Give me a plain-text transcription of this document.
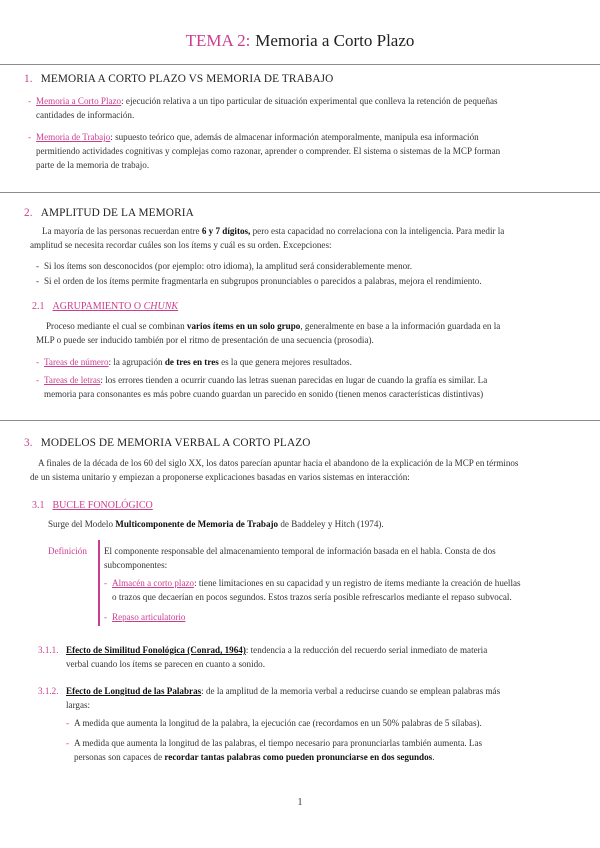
TEMA 2: Memoria a Corto Plazo
1. MEMORIA A CORTO PLAZO VS MEMORIA DE TRABAJO
- Memoria a Corto Plazo: ejecución relativa a un tipo particular de situación experimental que conlleva la retención de pequeñas
cantidades de información.
- Memoria de Trabajo: supuesto teórico que, además de almacenar información atemporalmente, manipula esa información
permitiendo actividades cognitivas y complejas como razonar, aprender o comprender. El sistema o sistemas de la MCP forman
parte de la memoria de trabajo.
2. AMPLITUD DE LA MEMORIA
La mayoría de las personas recuerdan entre 6 y 7 dígitos, pero esta capacidad no correlaciona con la inteligencia. Para medir la
amplitud se necesita recordar cuáles son los ítems y cuál es su orden. Excepciones:
- Si los ítems son desconocidos (por ejemplo: otro idioma), la amplitud será considerablemente menor.
- Si el orden de los ítems permite fragmentarla en subgrupos pronunciables o parecidos a palabras, mejora el rendimiento.
2.1 AGRUPAMIENTO O CHUNK
Proceso mediante el cual se combinan varios ítems en un solo grupo, generalmente en base a la información guardada en la
MLP o puede ser inducido también por el ritmo de presentación de una secuencia (prosodia).
- Tareas de número: la agrupación de tres en tres es la que genera mejores resultados.
- Tareas de letras: los errores tienden a ocurrir cuando las letras suenan parecidas en lugar de cuando la grafía es similar. La
memoria para consonantes es más pobre cuando guardan un parecido en sonido (tienen menos características distintivas)
3. MODELOS DE MEMORIA VERBAL A CORTO PLAZO
A finales de la década de los 60 del siglo XX, los datos parecían apuntar hacia el abandono de la explicación de la MCP en términos
de un sistema unitario y empiezan a proponerse explicaciones basadas en varios sistemas en interacción:
3.1 BUCLE FONOLÓGICO
Surge del Modelo Multicomponente de Memoria de Trabajo de Baddeley y Hitch (1974).
Definición El componente responsable del almacenamiento temporal de información basada en el habla. Consta de dos
subcomponentes:
- Almacén a corto plazo: tiene limitaciones en su capacidad y un registro de ítems mediante la creación de huellas
o trazos que decaerían en pocos segundos. Estos trazos sería posible refrescarlos mediante el repaso subvocal.
- Repaso articulatorio
3.1.1. Efecto de Similitud Fonológica (Conrad, 1964): tendencia a la reducción del recuerdo serial inmediato de materia
verbal cuando los ítems se parecen en cuanto a sonido.
3.1.2. Efecto de Longitud de las Palabras: de la amplitud de la memoria verbal a reducirse cuando se emplean palabras más
largas:
- A medida que aumenta la longitud de la palabra, la ejecución cae (recordamos en un 50% palabras de 5 sílabas).
- A medida que aumenta la longitud de las palabras, el tiempo necesario para pronunciarlas también aumenta. Las
personas son capaces de recordar tantas palabras como pueden pronunciarse en dos segundos.
1
